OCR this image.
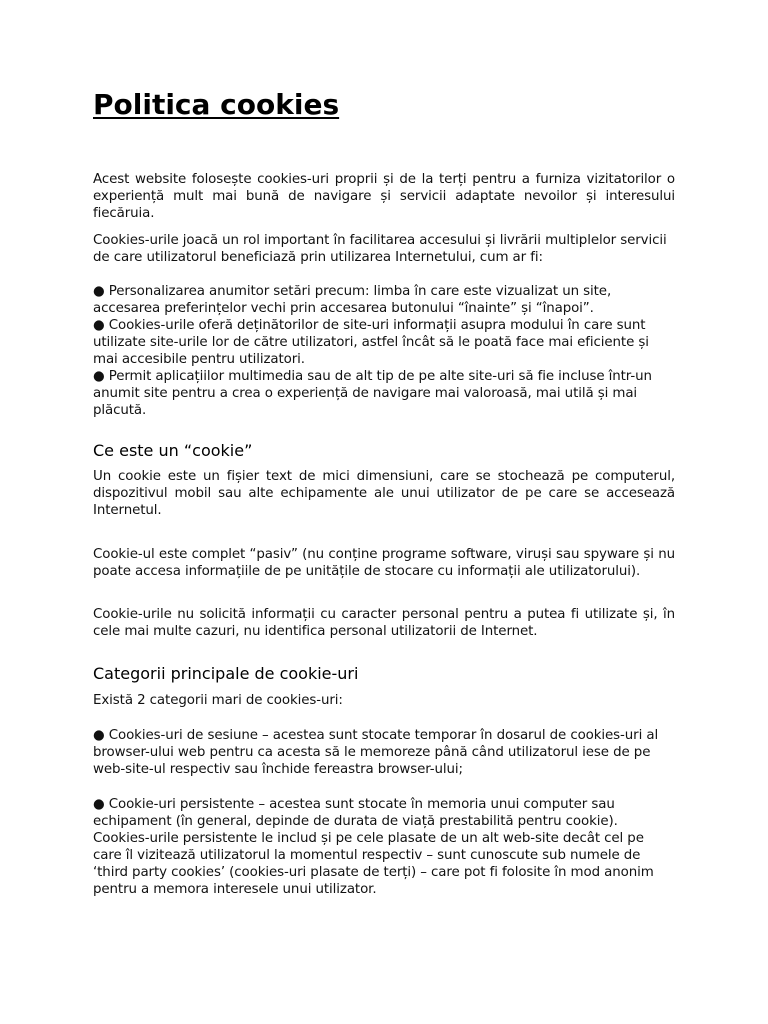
Politica cookies

Acest website folosește cookies-uri proprii și de la terți pentru a furniza vizitatorilor o experiență mult mai bună de navigare și servicii adaptate nevoilor și interesului fiecăruia.

Cookies-urile joacă un rol important în facilitarea accesului și livrării multiplelor servicii de care utilizatorul beneficiază prin utilizarea Internetului, cum ar fi:

● Personalizarea anumitor setări precum: limba în care este vizualizat un site, accesarea preferințelor vechi prin accesarea butonului “înainte” și “înapoi”.
● Cookies-urile oferă deținătorilor de site-uri informații asupra modului în care sunt utilizate site-urile lor de către utilizatori, astfel încât să le poată face mai eficiente și mai accesibile pentru utilizatori.
● Permit aplicațiilor multimedia sau de alt tip de pe alte site-uri să fie incluse într-un anumit site pentru a crea o experiență de navigare mai valoroasă, mai utilă și mai plăcută.
Ce este un “cookie”

Un cookie este un fișier text de mici dimensiuni, care se stochează pe computerul, dispozitivul mobil sau alte echipamente ale unui utilizator de pe care se accesează Internetul.

Cookie-ul este complet “pasiv” (nu conține programe software, viruși sau spyware și nu poate accesa informațiile de pe unitățile de stocare cu informații ale utilizatorului).

Cookie-urile nu solicită informații cu caracter personal pentru a putea fi utilizate și, în cele mai multe cazuri, nu identifica personal utilizatorii de Internet.

Categorii principale de cookie-uri

Există 2 categorii mari de cookies-uri:

● Cookies-uri de sesiune – acestea sunt stocate temporar în dosarul de cookies-uri al browser-ului web pentru ca acesta să le memoreze până când utilizatorul iese de pe web-site-ul respectiv sau închide fereastra browser-ului;

● Cookie-uri persistente – acestea sunt stocate în memoria unui computer sau echipament (în general, depinde de durata de viață prestabilită pentru cookie). Cookies-urile persistente le includ și pe cele plasate de un alt web-site decât cel pe care îl vizitează utilizatorul la momentul respectiv – sunt cunoscute sub numele de ‘third party cookies’ (cookies-uri plasate de terți) – care pot fi folosite în mod anonim pentru a memora interesele unui utilizator.
